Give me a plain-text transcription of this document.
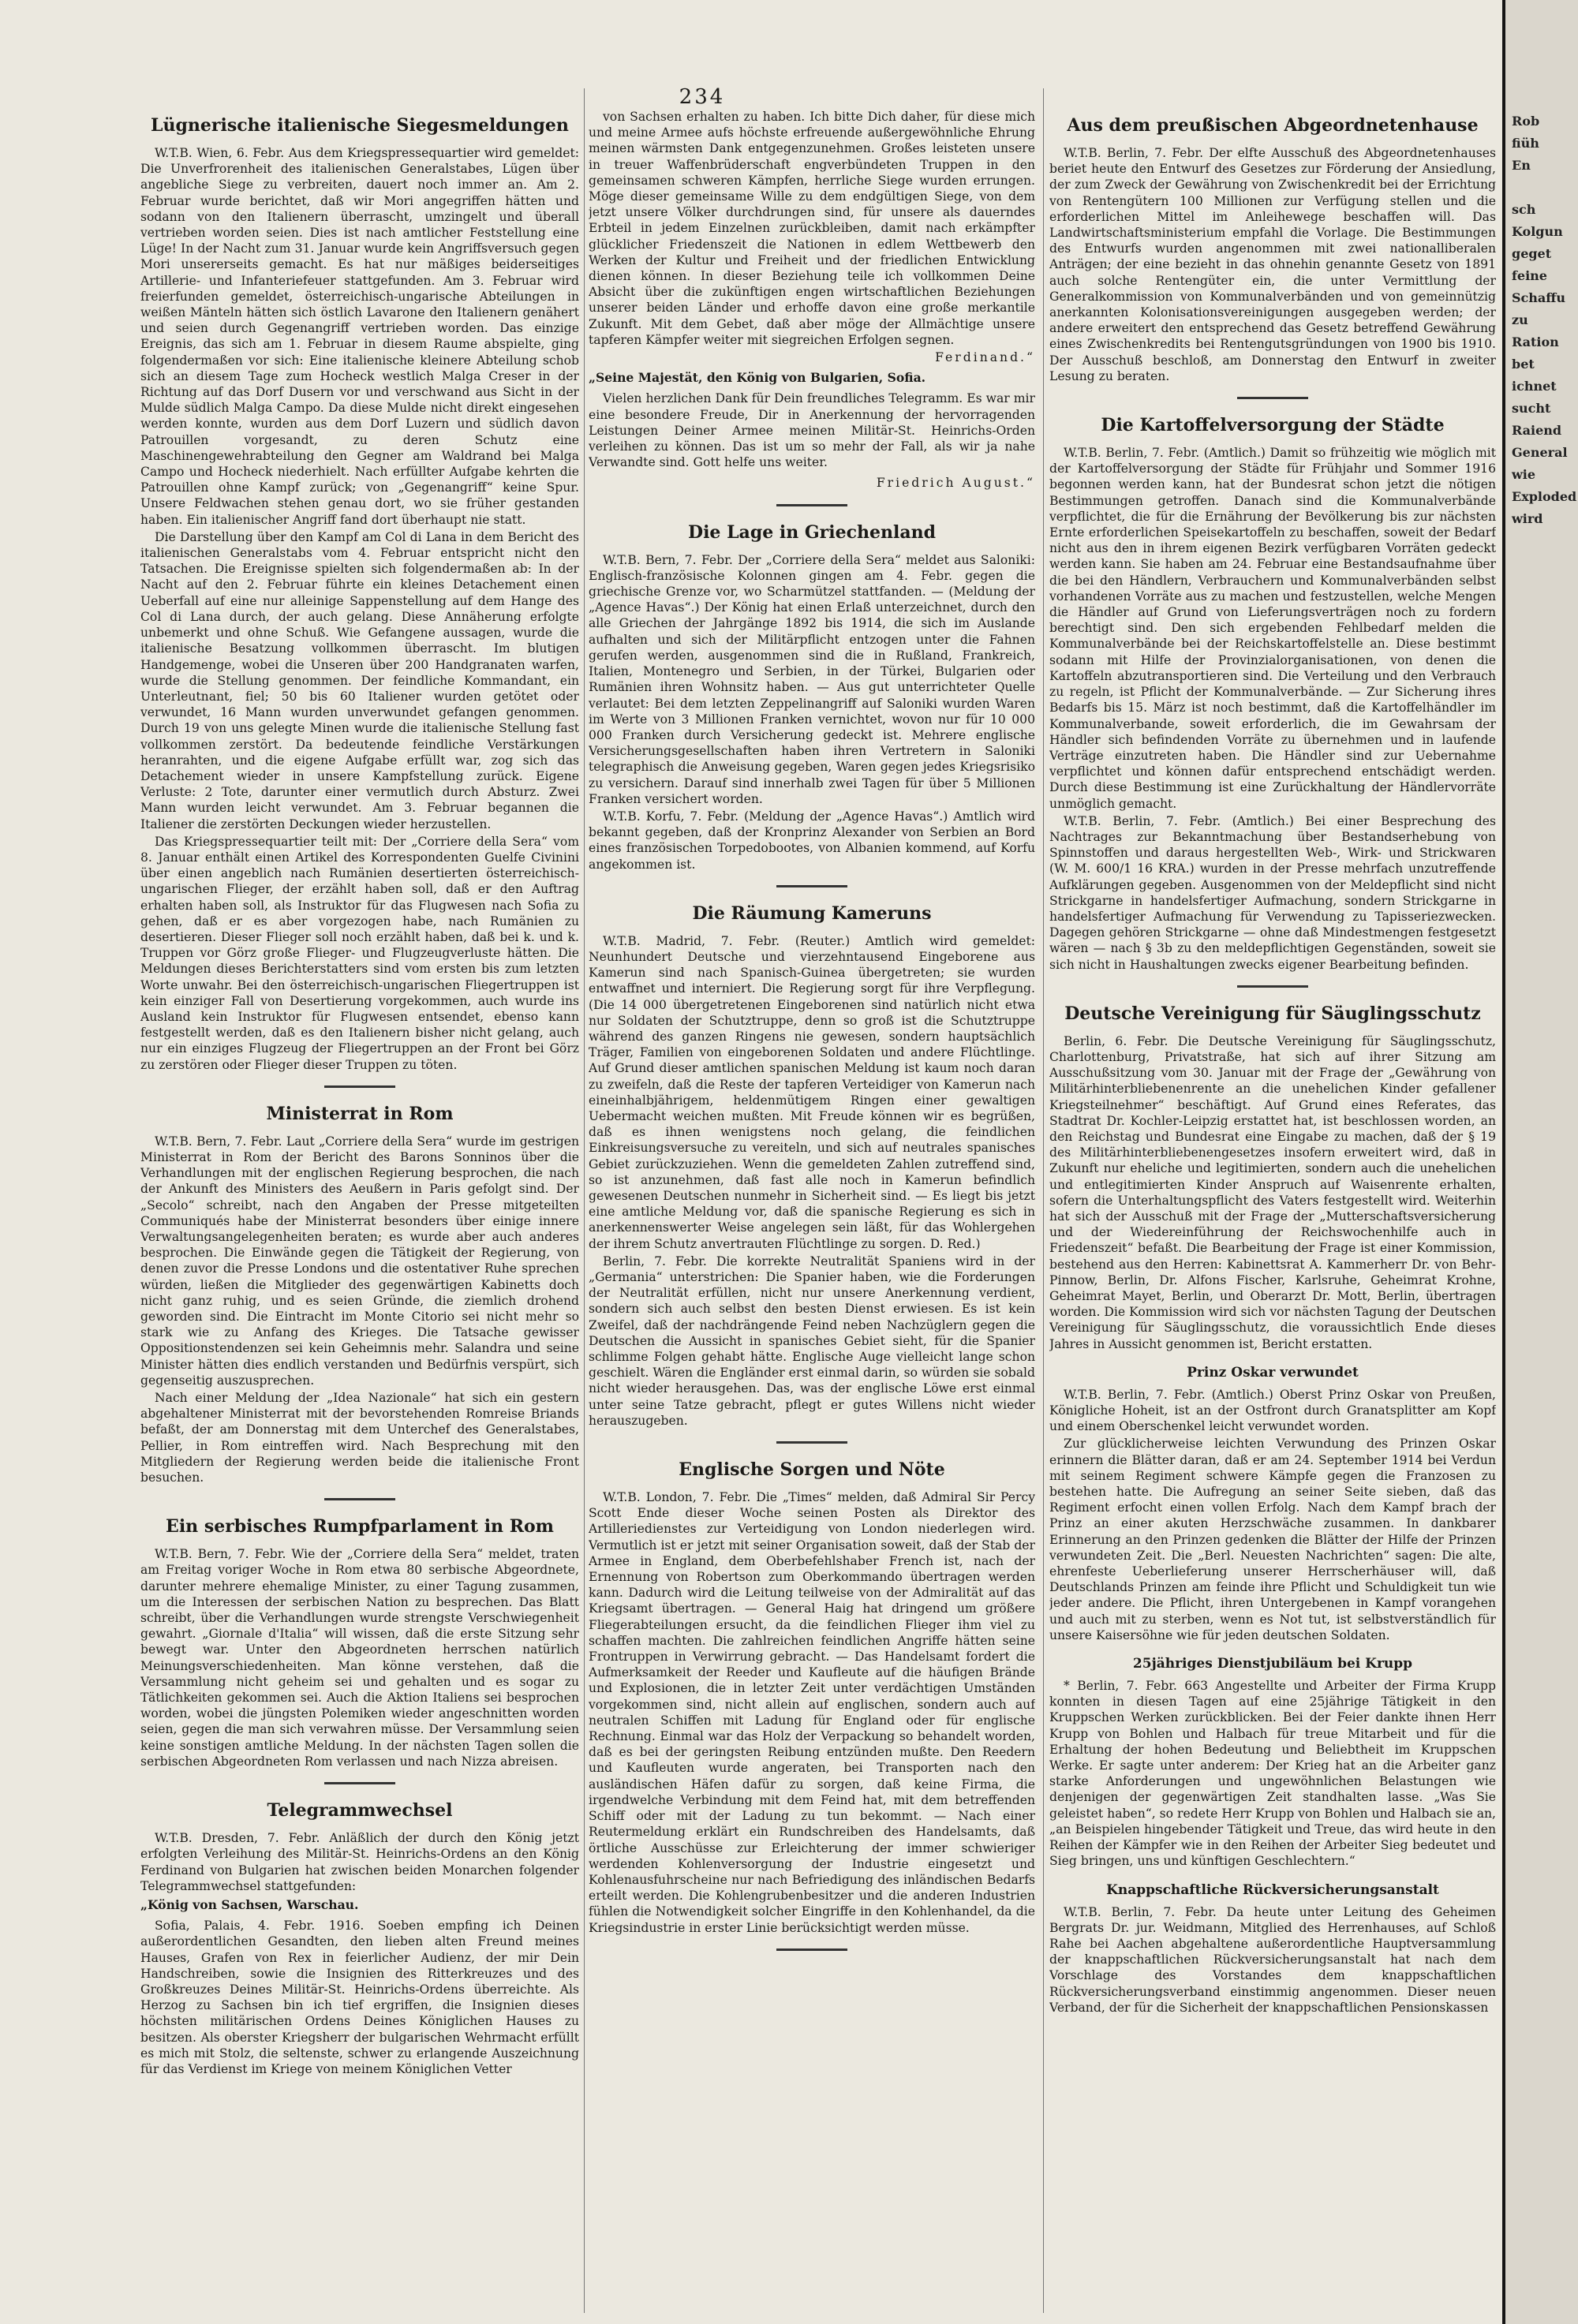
234
Lügnerische italienische Siegesmeldungen

W.T.B. Wien, 6. Febr. Aus dem Kriegspressequartier wird gemeldet: Die Unverfrorenheit des italienischen Generalstabes, Lügen über angebliche Siege zu verbreiten, dauert noch immer an. Am 2. Februar wurde berichtet, daß wir Mori angegriffen hätten und sodann von den Italienern überrascht, umzingelt und überall vertrieben worden seien. Dies ist nach amtlicher Feststellung eine Lüge! In der Nacht zum 31. Januar wurde kein Angriffsversuch gegen Mori unsererseits gemacht. Es hat nur mäßiges beiderseitiges Artillerie- und Infanteriefeuer stattgefunden. Am 3. Februar wird freierfunden gemeldet, österreichisch-ungarische Abteilungen in weißen Mänteln hätten sich östlich Lavarone den Italienern genähert und seien durch Gegenangriff vertrieben worden. Das einzige Ereignis, das sich am 1. Februar in diesem Raume abspielte, ging folgendermaßen vor sich: Eine italienische kleinere Abteilung schob sich an diesem Tage zum Hocheck westlich Malga Creser in der Richtung auf das Dorf Dusern vor und verschwand aus Sicht in der Mulde südlich Malga Campo. Da diese Mulde nicht direkt eingesehen werden konnte, wurden aus dem Dorf Luzern und südlich davon Patrouillen vorgesandt, zu deren Schutz eine Maschinengewehrabteilung den Gegner am Waldrand bei Malga Campo und Hocheck niederhielt. Nach erfüllter Aufgabe kehrten die Patrouillen ohne Kampf zurück; von „Gegenangriff“ keine Spur. Unsere Feldwachen stehen genau dort, wo sie früher gestanden haben. Ein italienischer Angriff fand dort überhaupt nie statt.

Die Darstellung über den Kampf am Col di Lana in dem Bericht des italienischen Generalstabs vom 4. Februar entspricht nicht den Tatsachen. Die Ereignisse spielten sich folgendermaßen ab: In der Nacht auf den 2. Februar führte ein kleines Detachement einen Ueberfall auf eine nur alleinige Sappenstellung auf dem Hange des Col di Lana durch, der auch gelang. Diese Annäherung erfolgte unbemerkt und ohne Schuß. Wie Gefangene aussagen, wurde die italienische Besatzung vollkommen überrascht. Im blutigen Handgemenge, wobei die Unseren über 200 Handgranaten warfen, wurde die Stellung genommen. Der feindliche Kommandant, ein Unterleutnant, fiel; 50 bis 60 Italiener wurden getötet oder verwundet, 16 Mann wurden unverwundet gefangen genommen. Durch 19 von uns gelegte Minen wurde die italienische Stellung fast vollkommen zerstört. Da bedeutende feindliche Verstärkungen heranrahten, und die eigene Aufgabe erfüllt war, zog sich das Detachement wieder in unsere Kampfstellung zurück. Eigene Verluste: 2 Tote, darunter einer vermutlich durch Absturz. Zwei Mann wurden leicht verwundet. Am 3. Februar begannen die Italiener die zerstörten Deckungen wieder herzustellen.

Das Kriegspressequartier teilt mit: Der „Corriere della Sera“ vom 8. Januar enthält einen Artikel des Korrespondenten Guelfe Civinini über einen angeblich nach Rumänien desertierten österreichisch-ungarischen Flieger, der erzählt haben soll, daß er den Auftrag erhalten haben soll, als Instruktor für das Flugwesen nach Sofia zu gehen, daß er es aber vorgezogen habe, nach Rumänien zu desertieren. Dieser Flieger soll noch erzählt haben, daß bei k. und k. Truppen vor Görz große Flieger- und Flugzeugverluste hätten. Die Meldungen dieses Berichterstatters sind vom ersten bis zum letzten Worte unwahr. Bei den österreichisch-ungarischen Fliegertruppen ist kein einziger Fall von Desertierung vorgekommen, auch wurde ins Ausland kein Instruktor für Flugwesen entsendet, ebenso kann festgestellt werden, daß es den Italienern bisher nicht gelang, auch nur ein einziges Flugzeug der Fliegertruppen an der Front bei Görz zu zerstören oder Flieger dieser Truppen zu töten.

Ministerrat in Rom

W.T.B. Bern, 7. Febr. Laut „Corriere della Sera“ wurde im gestrigen Ministerrat in Rom der Bericht des Barons Sonninos über die Verhandlungen mit der englischen Regierung besprochen, die nach der Ankunft des Ministers des Aeußern in Paris gefolgt sind. Der „Secolo“ schreibt, nach den Angaben der Presse mitgeteilten Communiqués habe der Ministerrat besonders über einige innere Verwaltungsangelegenheiten beraten; es wurde aber auch anderes besprochen. Die Einwände gegen die Tätigkeit der Regierung, von denen zuvor die Presse Londons und die ostentativer Ruhe sprechen würden, ließen die Mitglieder des gegenwärtigen Kabinetts doch nicht ganz ruhig, und es seien Gründe, die ziemlich drohend geworden sind. Die Eintracht im Monte Citorio sei nicht mehr so stark wie zu Anfang des Krieges. Die Tatsache gewisser Oppositionstendenzen sei kein Geheimnis mehr. Salandra und seine Minister hätten dies endlich verstanden und Bedürfnis verspürt, sich gegenseitig auszusprechen.

Nach einer Meldung der „Idea Nazionale“ hat sich ein gestern abgehaltener Ministerrat mit der bevorstehenden Romreise Briands befaßt, der am Donnerstag mit dem Unterchef des Generalstabes, Pellier, in Rom eintreffen wird. Nach Besprechung mit den Mitgliedern der Regierung werden beide die italienische Front besuchen.

Ein serbisches Rumpfparlament in Rom

W.T.B. Bern, 7. Febr. Wie der „Corriere della Sera“ meldet, traten am Freitag voriger Woche in Rom etwa 80 serbische Abgeordnete, darunter mehrere ehemalige Minister, zu einer Tagung zusammen, um die Interessen der serbischen Nation zu besprechen. Das Blatt schreibt, über die Verhandlungen wurde strengste Verschwiegenheit gewahrt. „Giornale d'Italia“ will wissen, daß die erste Sitzung sehr bewegt war. Unter den Abgeordneten herrschen natürlich Meinungsverschiedenheiten. Man könne verstehen, daß die Versammlung nicht geheim sei und gehalten und es sogar zu Tätlichkeiten gekommen sei. Auch die Aktion Italiens sei besprochen worden, wobei die jüngsten Polemiken wieder angeschnitten worden seien, gegen die man sich verwahren müsse. Der Versammlung seien keine sonstigen amtliche Meldung. In der nächsten Tagen sollen die serbischen Abgeordneten Rom verlassen und nach Nizza abreisen.

Telegrammwechsel

W.T.B. Dresden, 7. Febr. Anläßlich der durch den König jetzt erfolgten Verleihung des Militär-St. Heinrichs-Ordens an den König Ferdinand von Bulgarien hat zwischen beiden Monarchen folgender Telegrammwechsel stattgefunden:

„König von Sachsen, Warschau.

Sofia, Palais, 4. Febr. 1916. Soeben empfing ich Deinen außerordentlichen Gesandten, den lieben alten Freund meines Hauses, Grafen von Rex in feierlicher Audienz, der mir Dein Handschreiben, sowie die Insignien des Ritterkreuzes und des Großkreuzes Deines Militär-St. Heinrichs-Ordens überreichte. Als Herzog zu Sachsen bin ich tief ergriffen, die Insignien dieses höchsten militärischen Ordens Deines Königlichen Hauses zu besitzen. Als oberster Kriegsherr der bulgarischen Wehrmacht erfüllt es mich mit Stolz, die seltenste, schwer zu erlangende Auszeichnung für das Verdienst im Kriege von meinem Königlichen Vetter

von Sachsen erhalten zu haben. Ich bitte Dich daher, für diese mich und meine Armee aufs höchste erfreuende außergewöhnliche Ehrung meinen wärmsten Dank entgegenzunehmen. Großes leisteten unsere in treuer Waffenbrüderschaft engverbündeten Truppen in den gemeinsamen schweren Kämpfen, herrliche Siege wurden errungen. Möge dieser gemeinsame Wille zu dem endgültigen Siege, von dem jetzt unsere Völker durchdrungen sind, für unsere als dauerndes Erbteil in jedem Einzelnen zurückbleiben, damit nach erkämpfter glücklicher Friedenszeit die Nationen in edlem Wettbewerb den Werken der Kultur und Freiheit und der friedlichen Entwicklung dienen können. In dieser Beziehung teile ich vollkommen Deine Absicht über die zukünftigen engen wirtschaftlichen Beziehungen unserer beiden Länder und erhoffe davon eine große merkantile Zukunft. Mit dem Gebet, daß aber möge der Allmächtige unsere tapferen Kämpfer weiter mit siegreichen Erfolgen segnen.

Ferdinand.“

„Seine Majestät, den König von Bulgarien, Sofia.

Vielen herzlichen Dank für Dein freundliches Telegramm. Es war mir eine besondere Freude, Dir in Anerkennung der hervorragenden Leistungen Deiner Armee meinen Militär-St. Heinrichs-Orden verleihen zu können. Das ist um so mehr der Fall, als wir ja nahe Verwandte sind. Gott helfe uns weiter.

Friedrich August.“

Die Lage in Griechenland

W.T.B. Bern, 7. Febr. Der „Corriere della Sera“ meldet aus Saloniki: Englisch-französische Kolonnen gingen am 4. Febr. gegen die griechische Grenze vor, wo Scharmützel stattfanden. — (Meldung der „Agence Havas“.) Der König hat einen Erlaß unterzeichnet, durch den alle Griechen der Jahrgänge 1892 bis 1914, die sich im Auslande aufhalten und sich der Militärpflicht entzogen unter die Fahnen gerufen werden, ausgenommen sind die in Rußland, Frankreich, Italien, Montenegro und Serbien, in der Türkei, Bulgarien oder Rumänien ihren Wohnsitz haben. — Aus gut unterrichteter Quelle verlautet: Bei dem letzten Zeppelinangriff auf Saloniki wurden Waren im Werte von 3 Millionen Franken vernichtet, wovon nur für 10 000 000 Franken durch Versicherung gedeckt ist. Mehrere englische Versicherungsgesellschaften haben ihren Vertretern in Saloniki telegraphisch die Anweisung gegeben, Waren gegen jedes Kriegsrisiko zu versichern. Darauf sind innerhalb zwei Tagen für über 5 Millionen Franken versichert worden.

W.T.B. Korfu, 7. Febr. (Meldung der „Agence Havas“.) Amtlich wird bekannt gegeben, daß der Kronprinz Alexander von Serbien an Bord eines französischen Torpedobootes, von Albanien kommend, auf Korfu angekommen ist.

Die Räumung Kameruns

W.T.B. Madrid, 7. Febr. (Reuter.) Amtlich wird gemeldet: Neunhundert Deutsche und vierzehntausend Eingeborene aus Kamerun sind nach Spanisch-Guinea übergetreten; sie wurden entwaffnet und interniert. Die Regierung sorgt für ihre Verpflegung. (Die 14 000 übergetretenen Eingeborenen sind natürlich nicht etwa nur Soldaten der Schutztruppe, denn so groß ist die Schutztruppe während des ganzen Ringens nie gewesen, sondern hauptsächlich Träger, Familien von eingeborenen Soldaten und andere Flüchtlinge. Auf Grund dieser amtlichen spanischen Meldung ist kaum noch daran zu zweifeln, daß die Reste der tapferen Verteidiger von Kamerun nach eineinhalbjährigem, heldenmütigem Ringen einer gewaltigen Uebermacht weichen mußten. Mit Freude können wir es begrüßen, daß es ihnen wenigstens noch gelang, die feindlichen Einkreisungsversuche zu vereiteln, und sich auf neutrales spanisches Gebiet zurückzuziehen. Wenn die gemeldeten Zahlen zutreffend sind, so ist anzunehmen, daß fast alle noch in Kamerun befindlich gewesenen Deutschen nunmehr in Sicherheit sind. — Es liegt bis jetzt eine amtliche Meldung vor, daß die spanische Regierung es sich in anerkennenswerter Weise angelegen sein läßt, für das Wohlergehen der ihrem Schutz anvertrauten Flüchtlinge zu sorgen. D. Red.)

Berlin, 7. Febr. Die korrekte Neutralität Spaniens wird in der „Germania“ unterstrichen: Die Spanier haben, wie die Forderungen der Neutralität erfüllen, nicht nur unsere Anerkennung verdient, sondern sich auch selbst den besten Dienst erwiesen. Es ist kein Zweifel, daß der nachdrängende Feind neben Nachzüglern gegen die Deutschen die Aussicht in spanisches Gebiet sieht, für die Spanier schlimme Folgen gehabt hätte. Englische Auge vielleicht lange schon geschielt. Wären die Engländer erst einmal darin, so würden sie sobald nicht wieder herausgehen. Das, was der englische Löwe erst einmal unter seine Tatze gebracht, pflegt er gutes Willens nicht wieder herauszugeben.

Englische Sorgen und Nöte

W.T.B. London, 7. Febr. Die „Times“ melden, daß Admiral Sir Percy Scott Ende dieser Woche seinen Posten als Direktor des Artilleriedienstes zur Verteidigung von London niederlegen wird. Vermutlich ist er jetzt mit seiner Organisation soweit, daß der Stab der Armee in England, dem Oberbefehlshaber French ist, nach der Ernennung von Robertson zum Oberkommando übertragen werden kann. Dadurch wird die Leitung teilweise von der Admiralität auf das Kriegsamt übertragen. — General Haig hat dringend um größere Fliegerabteilungen ersucht, da die feindlichen Flieger ihm viel zu schaffen machten. Die zahlreichen feindlichen Angriffe hätten seine Frontruppen in Verwirrung gebracht. — Das Handelsamt fordert die Aufmerksamkeit der Reeder und Kaufleute auf die häufigen Brände und Explosionen, die in letzter Zeit unter verdächtigen Umständen vorgekommen sind, nicht allein auf englischen, sondern auch auf neutralen Schiffen mit Ladung für England oder für englische Rechnung. Einmal war das Holz der Verpackung so behandelt worden, daß es bei der geringsten Reibung entzünden mußte. Den Reedern und Kaufleuten wurde angeraten, bei Transporten nach den ausländischen Häfen dafür zu sorgen, daß keine Firma, die irgendwelche Verbindung mit dem Feind hat, mit dem betreffenden Schiff oder mit der Ladung zu tun bekommt. — Nach einer Reutermeldung erklärt ein Rundschreiben des Handelsamts, daß örtliche Ausschüsse zur Erleichterung der immer schwieriger werdenden Kohlenversorgung der Industrie eingesetzt und Kohlenausfuhrscheine nur nach Befriedigung des inländischen Bedarfs erteilt werden. Die Kohlengrubenbesitzer und die anderen Industrien fühlen die Notwendigkeit solcher Eingriffe in den Kohlenhandel, da die Kriegsindustrie in erster Linie berücksichtigt werden müsse.

Aus dem preußischen Abgeordnetenhause

W.T.B. Berlin, 7. Febr. Der elfte Ausschuß des Abgeordnetenhauses beriet heute den Entwurf des Gesetzes zur Förderung der Ansiedlung, der zum Zweck der Gewährung von Zwischenkredit bei der Errichtung von Rentengütern 100 Millionen zur Verfügung stellen und die erforderlichen Mittel im Anleihewege beschaffen will. Das Landwirtschaftsministerium empfahl die Vorlage. Die Bestimmungen des Entwurfs wurden angenommen mit zwei nationalliberalen Anträgen; der eine bezieht in das ohnehin genannte Gesetz von 1891 auch solche Rentengüter ein, die unter Vermittlung der Generalkommission von Kommunalverbänden und von gemeinnützig anerkannten Kolonisationsvereinigungen ausgegeben werden; der andere erweitert den entsprechend das Gesetz betreffend Gewährung eines Zwischenkredits bei Rentengutsgründungen von 1900 bis 1910. Der Ausschuß beschloß, am Donnerstag den Entwurf in zweiter Lesung zu beraten.

Die Kartoffelversorgung der Städte

W.T.B. Berlin, 7. Febr. (Amtlich.) Damit so frühzeitig wie möglich mit der Kartoffelversorgung der Städte für Frühjahr und Sommer 1916 begonnen werden kann, hat der Bundesrat schon jetzt die nötigen Bestimmungen getroffen. Danach sind die Kommunalverbände verpflichtet, die für die Ernährung der Bevölkerung bis zur nächsten Ernte erforderlichen Speisekartoffeln zu beschaffen, soweit der Bedarf nicht aus den in ihrem eigenen Bezirk verfügbaren Vorräten gedeckt werden kann. Sie haben am 24. Februar eine Bestandsaufnahme über die bei den Händlern, Verbrauchern und Kommunalverbänden selbst vorhandenen Vorräte aus zu machen und festzustellen, welche Mengen die Händler auf Grund von Lieferungsverträgen noch zu fordern berechtigt sind. Den sich ergebenden Fehlbedarf melden die Kommunalverbände bei der Reichskartoffelstelle an. Diese bestimmt sodann mit Hilfe der Provinzialorganisationen, von denen die Kartoffeln abzutransportieren sind. Die Verteilung und den Verbrauch zu regeln, ist Pflicht der Kommunalverbände. — Zur Sicherung ihres Bedarfs bis 15. März ist noch bestimmt, daß die Kartoffelhändler im Kommunalverbande, soweit erforderlich, die im Gewahrsam der Händler sich befindenden Vorräte zu übernehmen und in laufende Verträge einzutreten haben. Die Händler sind zur Uebernahme verpflichtet und können dafür entsprechend entschädigt werden. Durch diese Bestimmung ist eine Zurückhaltung der Händlervorräte unmöglich gemacht.

W.T.B. Berlin, 7. Febr. (Amtlich.) Bei einer Besprechung des Nachtrages zur Bekanntmachung über Bestandserhebung von Spinnstoffen und daraus hergestellten Web-, Wirk- und Strickwaren (W. M. 600/1 16 KRA.) wurden in der Presse mehrfach unzutreffende Aufklärungen gegeben. Ausgenommen von der Meldepflicht sind nicht Strickgarne in handelsfertiger Aufmachung, sondern Strickgarne in handelsfertiger Aufmachung für Verwendung zu Tapisseriezwecken. Dagegen gehören Strickgarne — ohne daß Mindestmengen festgesetzt wären — nach § 3b zu den meldepflichtigen Gegenständen, soweit sie sich nicht in Haushaltungen zwecks eigener Bearbeitung befinden.

Deutsche Vereinigung für Säuglingsschutz

Berlin, 6. Febr. Die Deutsche Vereinigung für Säuglingsschutz, Charlottenburg, Privatstraße, hat sich auf ihrer Sitzung am Ausschußsitzung vom 30. Januar mit der Frage der „Gewährung von Militärhinterbliebenenrente an die unehelichen Kinder gefallener Kriegsteilnehmer“ beschäftigt. Auf Grund eines Referates, das Stadtrat Dr. Kochler-Leipzig erstattet hat, ist beschlossen worden, an den Reichstag und Bundesrat eine Eingabe zu machen, daß der § 19 des Militärhinterbliebenengesetzes insofern erweitert wird, daß in Zukunft nur eheliche und legitimierten, sondern auch die unehelichen und entlegitimierten Kinder Anspruch auf Waisenrente erhalten, sofern die Unterhaltungspflicht des Vaters festgestellt wird. Weiterhin hat sich der Ausschuß mit der Frage der „Mutterschaftsversicherung und der Wiedereinführung der Reichswochenhilfe auch in Friedenszeit“ befaßt. Die Bearbeitung der Frage ist einer Kommission, bestehend aus den Herren: Kabinettsrat A. Kammerherr Dr. von Behr-Pinnow, Berlin, Dr. Alfons Fischer, Karlsruhe, Geheimrat Krohne, Geheimrat Mayet, Berlin, und Oberarzt Dr. Mott, Berlin, übertragen worden. Die Kommission wird sich vor nächsten Tagung der Deutschen Vereinigung für Säuglingsschutz, die voraussichtlich Ende dieses Jahres in Aussicht genommen ist, Bericht erstatten.

Prinz Oskar verwundet

W.T.B. Berlin, 7. Febr. (Amtlich.) Oberst Prinz Oskar von Preußen, Königliche Hoheit, ist an der Ostfront durch Granatsplitter am Kopf und einem Oberschenkel leicht verwundet worden.

Zur glücklicherweise leichten Verwundung des Prinzen Oskar erinnern die Blätter daran, daß er am 24. September 1914 bei Verdun mit seinem Regiment schwere Kämpfe gegen die Franzosen zu bestehen hatte. Die Aufregung an seiner Seite sieben, daß das Regiment erfocht einen vollen Erfolg. Nach dem Kampf brach der Prinz an einer akuten Herzschwäche zusammen. In dankbarer Erinnerung an den Prinzen gedenken die Blätter der Hilfe der Prinzen verwundeten Zeit. Die „Berl. Neuesten Nachrichten“ sagen: Die alte, ehrenfeste Ueberlieferung unserer Herrscherhäuser will, daß Deutschlands Prinzen am feinde ihre Pflicht und Schuldigkeit tun wie jeder andere. Die Pflicht, ihren Untergebenen in Kampf vorangehen und auch mit zu sterben, wenn es Not tut, ist selbstverständlich für unsere Kaisersöhne wie für jeden deutschen Soldaten.

25jähriges Dienstjubiläum bei Krupp

* Berlin, 7. Febr. 663 Angestellte und Arbeiter der Firma Krupp konnten in diesen Tagen auf eine 25jährige Tätigkeit in den Kruppschen Werken zurückblicken. Bei der Feier dankte ihnen Herr Krupp von Bohlen und Halbach für treue Mitarbeit und für die Erhaltung der hohen Bedeutung und Beliebtheit im Kruppschen Werke. Er sagte unter anderem: Der Krieg hat an die Arbeiter ganz starke Anforderungen und ungewöhnlichen Belastungen wie denjenigen der gegenwärtigen Zeit standhalten lasse. „Was Sie geleistet haben“, so redete Herr Krupp von Bohlen und Halbach sie an, „an Beispielen hingebender Tätigkeit und Treue, das wird heute in den Reihen der Kämpfer wie in den Reihen der Arbeiter Sieg bedeutet und Sieg bringen, uns und künftigen Geschlechtern.“

Knappschaftliche Rückversicherungsanstalt

W.T.B. Berlin, 7. Febr. Da heute unter Leitung des Geheimen Bergrats Dr. jur. Weidmann, Mitglied des Herrenhauses, auf Schloß Rahe bei Aachen abgehaltene außerordentliche Hauptversammlung der knappschaftlichen Rückversicherungsanstalt hat nach dem Vorschlage des Vorstandes dem knappschaftlichen Rückversicherungsverband einstimmig angenommen. Dieser neuen Verband, der für die Sicherheit der knappschaftlichen Pensionskassen

Rob
fiüh
En

sch
Kolgun
geget
feine
Schaffu
zu
Ration
bet
ichnet
sucht
Raiend
General
wie
Exploded
wird
